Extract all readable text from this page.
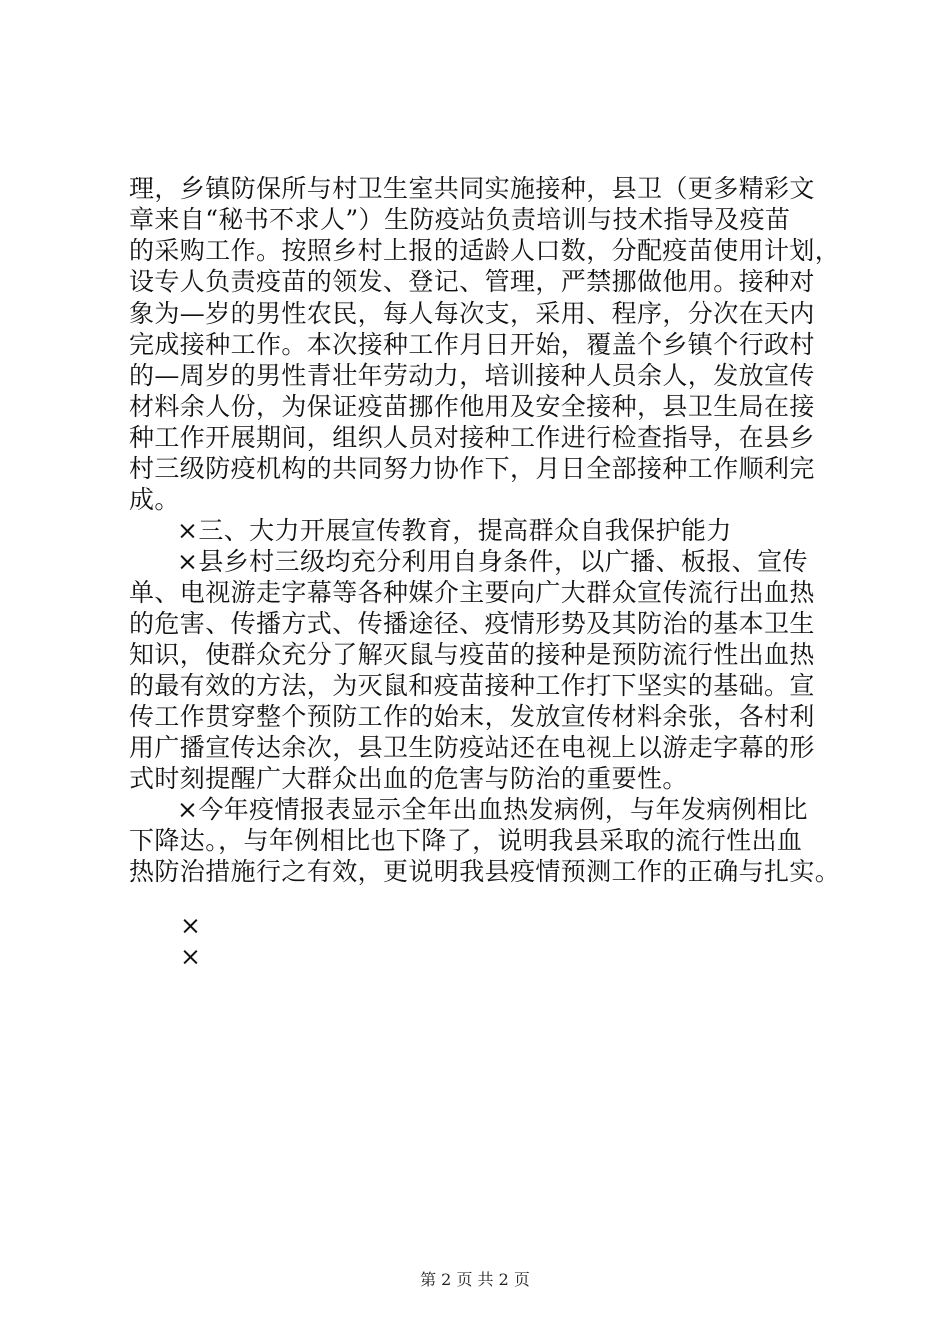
理，乡镇防保所与村卫生室共同实施接种，县卫（更多精彩文
章来自“秘书不求人”）生防疫站负责培训与技术指导及疫苗
的采购工作。按照乡村上报的适龄人口数，分配疫苗使用计划，
设专人负责疫苗的领发、登记、管理，严禁挪做他用。接种对
象为—岁的男性农民，每人每次支，采用、程序，分次在天内
完成接种工作。本次接种工作月日开始，覆盖个乡镇个行政村
的—周岁的男性青壮年劳动力，培训接种人员余人，发放宣传
材料余人份，为保证疫苗挪作他用及安全接种，县卫生局在接
种工作开展期间，组织人员对接种工作进行检查指导，在县乡
村三级防疫机构的共同努力协作下，月日全部接种工作顺利完
成。
×三、大力开展宣传教育，提高群众自我保护能力
×县乡村三级均充分利用自身条件，以广播、板报、宣传
单、电视游走字幕等各种媒介主要向广大群众宣传流行出血热
的危害、传播方式、传播途径、疫情形势及其防治的基本卫生
知识，使群众充分了解灭鼠与疫苗的接种是预防流行性出血热
的最有效的方法，为灭鼠和疫苗接种工作打下坚实的基础。宣
传工作贯穿整个预防工作的始末，发放宣传材料余张，各村利
用广播宣传达余次，县卫生防疫站还在电视上以游走字幕的形
式时刻提醒广大群众出血的危害与防治的重要性。
×今年疫情报表显示全年出血热发病例，与年发病例相比
下降达。，与年例相比也下降了，说明我县采取的流行性出血
热防治措施行之有效，更说明我县疫情预测工作的正确与扎实。
×
×
第 2 页 共 2 页
